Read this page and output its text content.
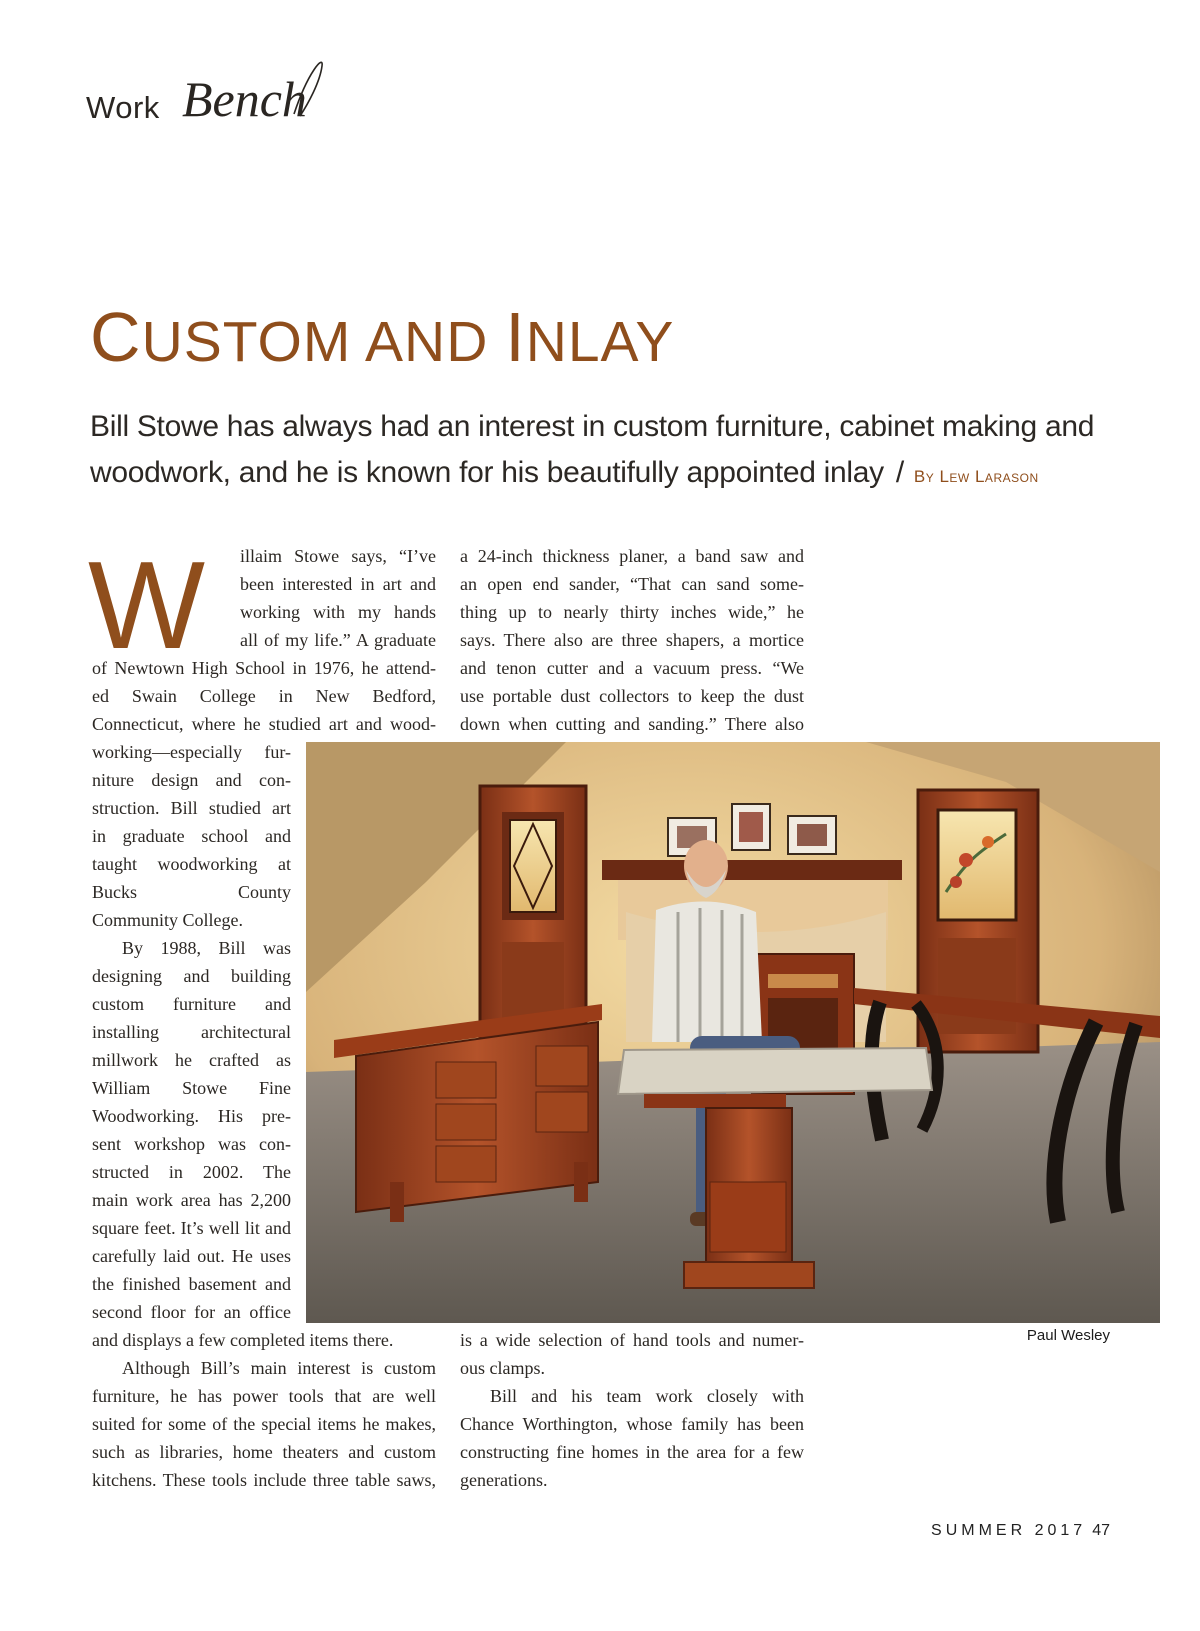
Work Bench
CUSTOM AND INLAY

Bill Stowe has always had an interest in custom furniture, cabinet making and woodwork, and he is known for his beautifully appointed inlay / By Lew Larason

W illaim Stowe says, “I’ve
been interested in art and
working with my hands
all of my life.” A graduate
of Newtown High School in 1976, he attend-
ed Swain College in New Bedford,
Connecticut, where he studied art and wood-
working—especially fur-
niture design and con-
struction. Bill studied art
in graduate school and
taught woodworking at
Bucks County
Community College.
By 1988, Bill was
designing and building
custom furniture and
installing architectural
millwork he crafted as
William Stowe Fine
Woodworking. His pre-
sent workshop was con-
structed in 2002. The
main work area has 2,200
square feet. It’s well lit and
carefully laid out. He uses
the finished basement and
second floor for an office
and displays a few completed items there.
Although Bill’s main interest is custom
furniture, he has power tools that are well
suited for some of the special items he makes,
such as libraries, home theaters and custom
kitchens. These tools include three table saws,
a 24-inch thickness planer, a band saw and
an open end sander, “That can sand some-
thing up to nearly thirty inches wide,” he
says. There also are three shapers, a mortice
and tenon cutter and a vacuum press. “We
use portable dust collectors to keep the dust
down when cutting and sanding.” There also
is a wide selection of hand tools and numer-
ous clamps.
Bill and his team work closely with
Chance Worthington, whose family has been
constructing fine homes in the area for a few
generations.
Paul Wesley
SUMMER 2017 47
